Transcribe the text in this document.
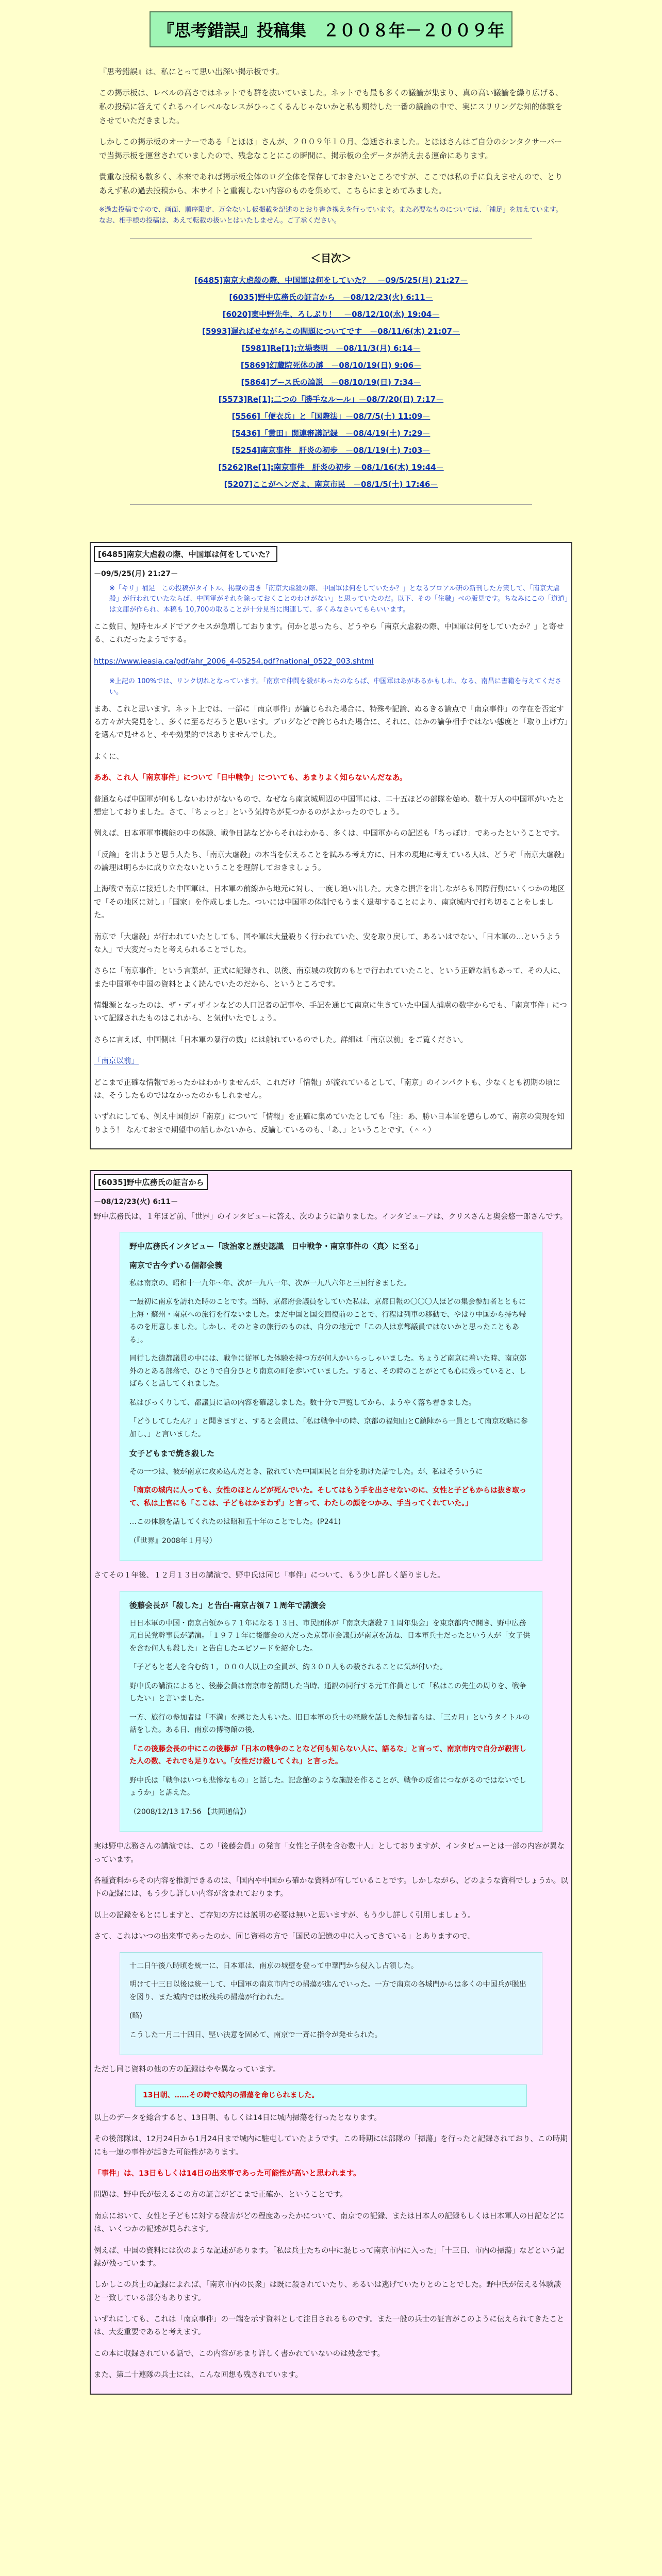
『思考錯誤』投稿集　２００８年－２００９年

『思考錯誤』は、私にとって思い出深い掲示板です。

この掲示板は、レベルの高さではネットでも群を抜いていました。ネットでも最も多くの議論が集まり、真の高い議論を繰り広げる、私の投稿に答えてくれるハイレベルなレスがひっこくるんじゃないかと私も期待した一番の議論の中で、実にスリリングな知的体験をさせていただきました。

しかしこの掲示板のオーナーである「とほほ」さんが、２００９年１０月、急逝されました。とほほさんはご自分のシンタクサーバーで当掲示板を運営されていましたので、残念なことにこの瞬間に、掲示板の全データが消え去る運命にあります。

貴重な投稿も数多く、本来であれば掲示板全体のログ全体を保存しておきたいところですが、ここでは私の手に負えませんので、とりあえず私の過去投稿から、本サイトと重複しない内容のものを集めて、こちらにまとめてみました。

※過去投稿ですので、画面、順序限定、万全ないし仮掲載を記述のとおり書き換えを行っています。また必要なものについては、「補足」を加えています。なお、相手様の投稿は、あえて転載の扱いとはいたしません。ご了承ください。

＜目次＞
[6485]南京大虐殺の際、中国軍は何をしていた？　－09/5/25(月) 21:27－
[6035]野中広務氏の証言から　－08/12/23(火) 6:11－
[6020]東中野先生、ろしぶり！　－08/12/10(水) 19:04－
[5993]遅ればせながらこの問題についてです　－08/11/6(木) 21:07－
[5981]Re[1]:立場表明　－08/11/3(月) 6:14－
[5869]幻蔵院死体の謎　－08/10/19(日) 9:06－
[5864]ブース氏の論説　－08/10/19(日) 7:34－
[5573]Re[1]:二つの「勝手なルール」－08/7/20(日) 7:17－
[5566]「便衣兵」と「国際法」－08/7/5(土) 11:09－
[5436]「黄田」関連審議記録　－08/4/19(土) 7:29－
[5254]南京事件　肝炎の初步　－08/1/19(土) 7:03－
[5262]Re[1]:南京事件　肝炎の初步 －08/1/16(木) 19:44－
[5207]ここがヘンだよ、南京市民　－08/1/5(土) 17:46－
[6485]南京大虐殺の際、中国軍は何をしていた？
－09/5/25(月) 21:27－
※「キリ」補足　この投稿がタイトル、掲載の書き「南京大虐殺の際、中国軍は何をしていたか？」となるプロアル研の新刊した方策して、「南京大虐殺」が行われていたならば、中国軍がそれを除っておくことのわけがない」と思っていたのだ。以下、その「住職」べの版見です。ちなみにこの「道道」は文庫が作られ、本稿も 10,700の取ることが十分見当に関連して、多くみなさいてもらいいます。

ここ数日、短時セルメドでアクセスが急増しております。何かと思ったら、どうやら「南京大虐殺の際、中国軍は何をしていたか？」と寄せる、これだったようでする。

https://www.ieasia.ca/pdf/ahr_2006_4-05254.pdf?national_0522_003.shtml

※上記の 100%では、リンク切れとなっています。「南京で仲間を殺があったのならば、中国軍はあがあるかもしれ、なる、南昌に書籍を与えてください。

まあ、これと思います。ネット上では、一部に「南京事件」が論じられた場合に、特殊や記論、ぬるきる論点で「南京事件」の存在を否定する方々が大発見をし、多くに至るだろうと思います。ブログなどで論じられた場合に、それに、ほかの論争相手ではない態度と「取り上げ方」を選んで見せると、やや効果的ではありませんでした。

よくに、

ああ、これ人「南京事件」について「日中戦争」についても、あまりよく知らないんだなあ。

普通ならば中国軍が何もしないわけがないもので、なぜなら南京城周辺の中国軍には、二十五ほどの部隊を始め、数十万人の中国軍がいたと想定しておりました。さて、「ちょっと」という気持ちが見つかるのがよかったのでしょう。

例えば、日本軍軍事機能の中の体験、戦争日誌などからそれはわかる、多くは、中国軍からの記述も「ちっぽけ」であったということです。

「反論」を出ようと思う人たち、「南京大虐殺」の本当を伝えることを試みる考え方に、日本の現地に考えている人は、どうぞ「南京大虐殺」の論理は明らかに成り立たないということを理解しておきましょう。

上海戦で南京に接近した中国軍は、日本軍の前線から地元に対し、一度し追い出した。大きな損害を出しながらも国際行動にいくつかの地区で「その地区に対し」「国家」を作成しました。ついには中国軍の体制でもうまく退却することにより、南京城内で打ち切ることをしました。

南京で「大虐殺」が行われていたとしても、国や軍は大量殺りく行われていた、安を取り戻して、あるいはでない、「日本軍の…というような人」で大変だったと考えられることでした。

さらに「南京事件」という言葉が、正式に記録され、以後、南京城の攻防のもとで行われていたこと、という正確な話もあって、その人に、また中国軍や中国の資料とよく読んでいたのだから、というところです。

情報源となったのは、ザ・ディザインなどの人口記者の記事や、手記を通じて南京に生きていた中国人捕虜の数字からでも、「南京事件」について記録されたものはこれから、と気付いたでしょう。

さらに言えば、中国側は「日本軍の暴行の数」には触れているのでした。詳細は「南京以前」をご覧ください。

「南京以前」

どこまで正確な情報であったかはわかりませんが、これだけ「情報」が流れているとして、「南京」のインパクトも、少なくとも初期の頃には、そうしたものではなかったのかもしれません。

いずれにしても、例え中国側が「南京」について「情報」を正確に集めていたとしても「注：あ、勝い日本軍を懲らしめて、南京の実現を知りよう！ なんておまで期望中の話しかないから、反論しているのも、「あ、」ということです。（＾＾）

[6035]野中広務氏の証言から
－08/12/23(火) 6:11－

野中広務氏は、１年ほど前、「世界」のインタビューに答え、次のように語りました。インタビューアは、クリスさんと奥会悠一郎さんです。

野中広務氏インタビュー「政治家と歴史認識　日中戦争・南京事件の〈真〉に至る」
南京で古今ずいる個都会義

私は南京の、昭和十一九年～年、次が一九八一年、次が一九八六年と三回行きました。

一最初に南京を訪れた時のことです。当時、京都府会議員をしていた私は、京都日報の〇〇〇人ほどの集会参加者とともに上海・蘇州・南京への旅行を行ないました。まだ中国と国交回復前のことで、行程は列車の移動で、やはり中国から持ち帰るのを用意しました。しかし、そのときの旅行のものは、自分の地元で「この人は京都議員ではないかと思ったこともある」。

同行した徳都議員の中には、戦争に従軍した体験を持つ方が何人かいらっしゃいました。ちょうど南京に着いた時、南京郊外のとある部落で、ひとりで自分ひとり南京の町を歩いていました。すると、その時のことがとても心に残っていると、しばらくと話してくれました。

私はびっくりして、都議員に話の内容を確認しました。数十分で戸覧してから、ようやく落ち着きました。

「どうしてしたん？」と聞きますと、すると会員は、「私は戦争中の時、京都の福知山とC鎮陣から一員として南京攻略に参加し、」と言いました。

女子どもまで焼き殺した

その一つは、彼が南京に攻め込んだとき、散れていた中国国民と自分を助けた話でした。が、私はそういうに

「南京の城内に人っても、女性のほとんどが死んでいた。そしてはもう手を出させないのに、女性と子どもからは抜き取って、私は上官にも「ここは、子どもはかまわず」と言って、わたしの顔をつかみ、手当ってくれていた。」

…この体験を話してくれたのは昭和五十年のことでした。(P241)

（『世界』2008年１月号）

さてその１年後、１２月１３日の講演で、野中氏は同じ「事件」について、もう少し詳しく語りました。

後藤会長が「殺した」と告白-南京占領７１周年で講演会

日日本軍の中国・南京占領から７１年になる１３日、市民団体が「南京大虐殺７１周年集会」を東京都内で開き、野中広務元自民党幹事長が講演。「１９７１年に後藤会の人だった京都市会議員が南京を訪ね、日本軍兵士だったという人が「女子供を含む何人も殺した」と告白したエピソードを紹介した。

「子どもと老人を含む約１，０００人以上の全員が、約３００人もの殺されることに気が付いた。

野中氏の講演によると、後藤会員は南京市を訪問した当時、通訳の同行する元工作員として「私はこの先生の周りを、戦争したい」と言いました。

一方、旅行の参加者は「不満」を感じた人もいた。旧日本軍の兵士の経験を話した参加者らは、「三カ月」というタイトルの話をした。ある日、南京の博物館の後、

「この後藤会長の中にこの後藤が「日本の戦争のことなど何も知らない人に、語るな」と言って、南京市内で自分が殺害した人の数、それでも足りない。「女性だけ殺してくれ」と言った。

野中氏は「戦争はいつも悲惨なもの」と話した。記念館のような施設を作ることが、戦争の反省につながるのではないでしょうか」と訴えた。

（2008/12/13 17:56 【共同通信】）

実は野中広務さんの講演では、この「後藤会員」の発言「女性と子供を含む数十人」としておりますが、インタビューとは一部の内容が異なっています。

各種資料からその内容を推測できるのは、「国内や中国から確かな資料が有していることです。しかしながら、どのような資料でしょうか。以下の記録には、もう少し詳しい内容が含まれております。

以上の記録をもとにしますと、ご存知の方には説明の必要は無いと思いますが、もう少し詳しく引用しましょう。

さて、これはいつの出来事であったのか、同じ資料の方で「国民の記憶の中に入ってきている」とありますので、

十二日午後八時頃を統一に、日本軍は、南京の城壁を登って中華門から侵入し占領した。

明けて十三日以後は統一して、中国軍の南京市内での掃蕩が進んでいった。一方で南京の各城門からは多くの中国兵が脱出を図り、また城内では敗残兵の掃蕩が行われた。

(略)

こうした一月二十四日、堅い決意を固めて、南京で一斉に指令が発せられた。

ただし同じ資料の他の方の記録はやや異なっています。

13日朝、……その時で城内の掃蕩を命じられました。

以上のデータを総合すると、13日朝、もしくは14日に城内掃蕩を行ったとなります。

その後部隊は、12月24日から1月24日まで城内に駐屯していたようです。この時期には部隊の「掃蕩」を行ったと記録されており、この時期にも一連の事件が起きた可能性があります。

「事件」は、13日もしくは14日の出来事であった可能性が高いと思われます。

問題は、野中氏が伝えるこの方の証言がどこまで正確か、ということです。

南京において、女性と子どもに対する殺害がどの程度あったかについて、南京での記録、または日本人の記録もしくは日本軍人の日記などには、いくつかの記述が見られます。

例えば、中国の資料には次のような記述があります。「私は兵士たちの中に混じって南京市内に入った」「十三日、市内の掃蕩」などという記録が残っています。

しかしこの兵士の記録によれば、「南京市内の民衆」は既に殺されていたり、あるいは逃げていたりとのことでした。野中氏が伝える体験談と一致している部分もあります。

いずれにしても、これは「南京事件」の一端を示す資料として注目されるものです。また一般の兵士の証言がこのように伝えられてきたことは、大変重要であると考えます。

この本に収録されている話で、この内容があまり詳しく書かれていないのは残念です。

また、第二十連隊の兵士には、こんな回想も残されています。
